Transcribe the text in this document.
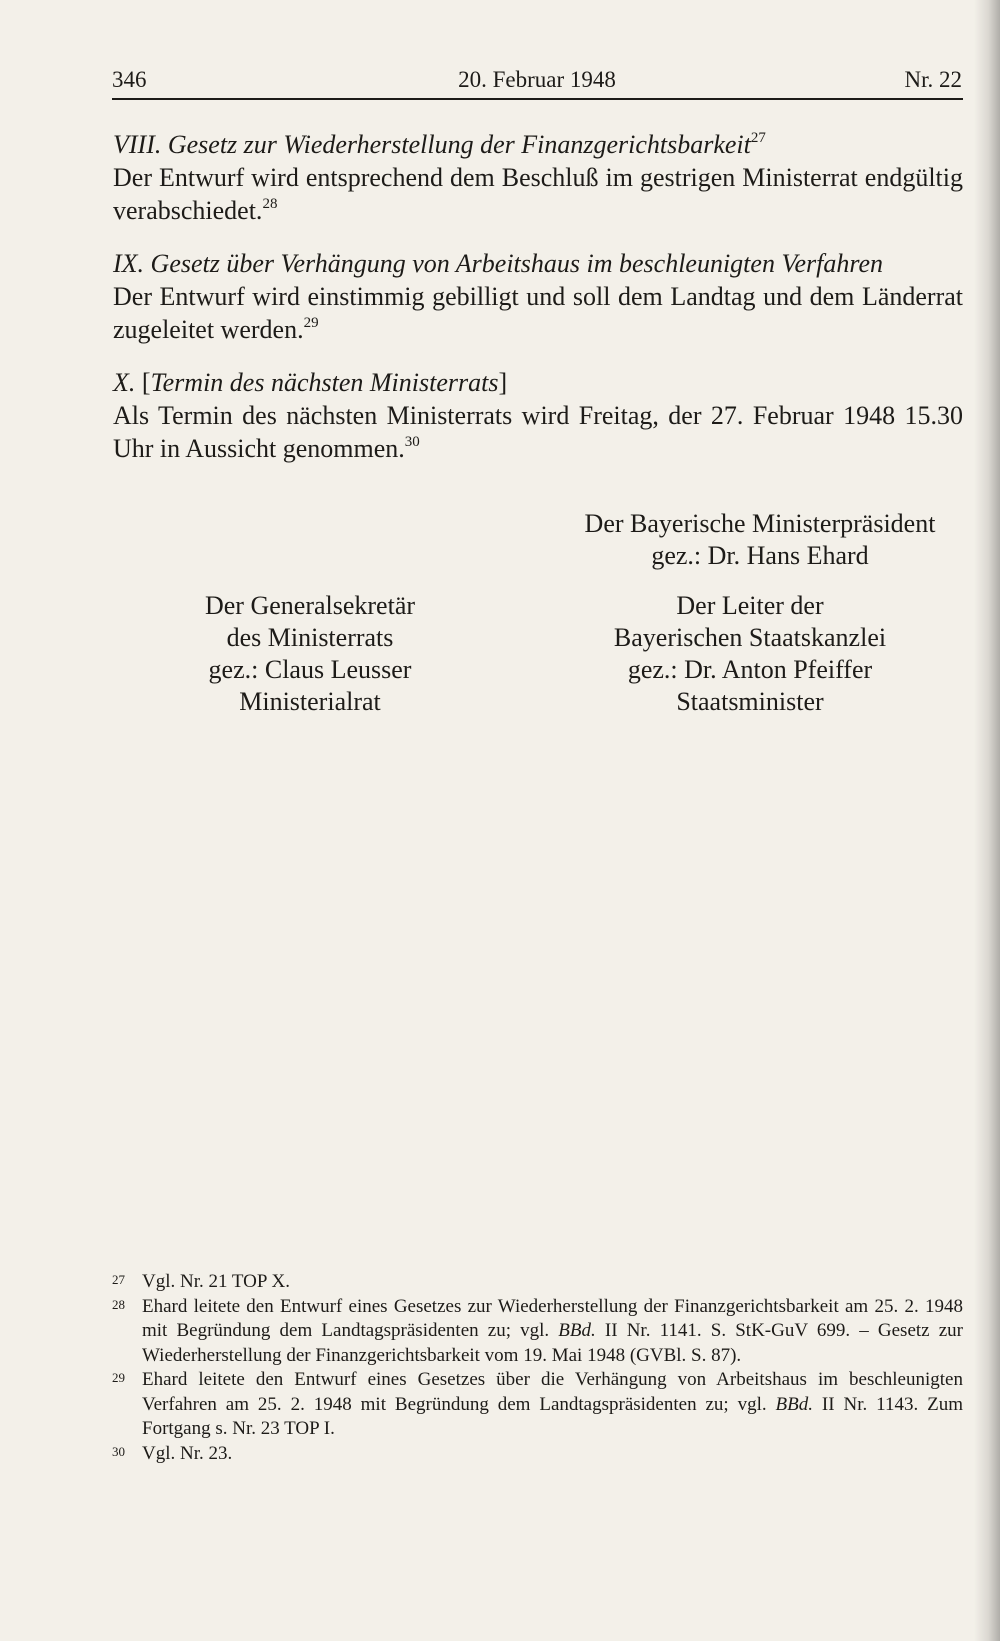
346	20. Februar 1948	Nr. 22
VIII. Gesetz zur Wiederherstellung der Finanzgerichtsbarkeit$^{27}$

Der Entwurf wird entsprechend dem Beschluß im gestrigen Ministerrat endgültig verabschiedet.$^{28}$

IX. Gesetz über Verhängung von Arbeitshaus im beschleunigten Verfahren

Der Entwurf wird einstimmig gebilligt und soll dem Landtag und dem Länderrat zugeleitet werden.$^{29}$

X. [Termin des nächsten Ministerrats]

Als Termin des nächsten Ministerrats wird Freitag, der 27. Februar 1948 15.30 Uhr in Aussicht genommen.$^{30}$

Der Bayerische Ministerpräsident
gez.: Dr. Hans Ehard
Der Generalsekretär
des Ministerrats
gez.: Claus Leusser
Ministerialrat
Der Leiter der
Bayerischen Staatskanzlei
gez.: Dr. Anton Pfeiffer
Staatsminister
27 Vgl. Nr. 21 TOP X.
28 Ehard leitete den Entwurf eines Gesetzes zur Wiederherstellung der Finanzgerichtsbarkeit am 25. 2. 1948 mit Begründung dem Landtagspräsidenten zu; vgl. BBd. II Nr. 1141. S. StK-GuV 699. – Gesetz zur Wiederherstellung der Finanzgerichtsbarkeit vom 19. Mai 1948 (GVBl. S. 87).
29 Ehard leitete den Entwurf eines Gesetzes über die Verhängung von Arbeitshaus im beschleunigten Verfahren am 25. 2. 1948 mit Begründung dem Landtagspräsidenten zu; vgl. BBd. II Nr. 1143. Zum Fortgang s. Nr. 23 TOP I.
30 Vgl. Nr. 23.
